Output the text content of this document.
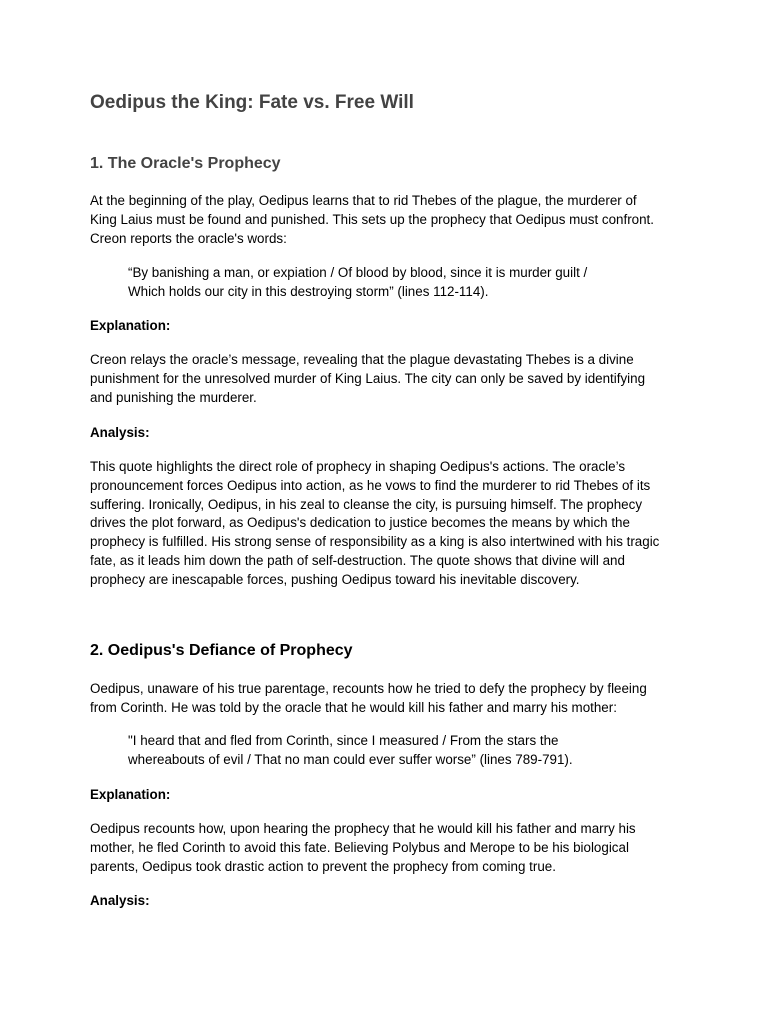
Oedipus the King: Fate vs. Free Will
1. The Oracle's Prophecy

At the beginning of the play, Oedipus learns that to rid Thebes of the plague, the murderer of
King Laius must be found and punished. This sets up the prophecy that Oedipus must confront.
Creon reports the oracle's words:

“By banishing a man, or expiation / Of blood by blood, since it is murder guilt /
Which holds our city in this destroying storm” (lines 112-114).

Explanation:

Creon relays the oracle’s message, revealing that the plague devastating Thebes is a divine
punishment for the unresolved murder of King Laius. The city can only be saved by identifying
and punishing the murderer.

Analysis:

This quote highlights the direct role of prophecy in shaping Oedipus's actions. The oracle’s
pronouncement forces Oedipus into action, as he vows to find the murderer to rid Thebes of its
suffering. Ironically, Oedipus, in his zeal to cleanse the city, is pursuing himself. The prophecy
drives the plot forward, as Oedipus's dedication to justice becomes the means by which the
prophecy is fulfilled. His strong sense of responsibility as a king is also intertwined with his tragic
fate, as it leads him down the path of self-destruction. The quote shows that divine will and
prophecy are inescapable forces, pushing Oedipus toward his inevitable discovery.

2. Oedipus's Defiance of Prophecy

Oedipus, unaware of his true parentage, recounts how he tried to defy the prophecy by fleeing
from Corinth. He was told by the oracle that he would kill his father and marry his mother:

"I heard that and fled from Corinth, since I measured / From the stars the
whereabouts of evil / That no man could ever suffer worse” (lines 789-791).

Explanation:

Oedipus recounts how, upon hearing the prophecy that he would kill his father and marry his
mother, he fled Corinth to avoid this fate. Believing Polybus and Merope to be his biological
parents, Oedipus took drastic action to prevent the prophecy from coming true.

Analysis:
